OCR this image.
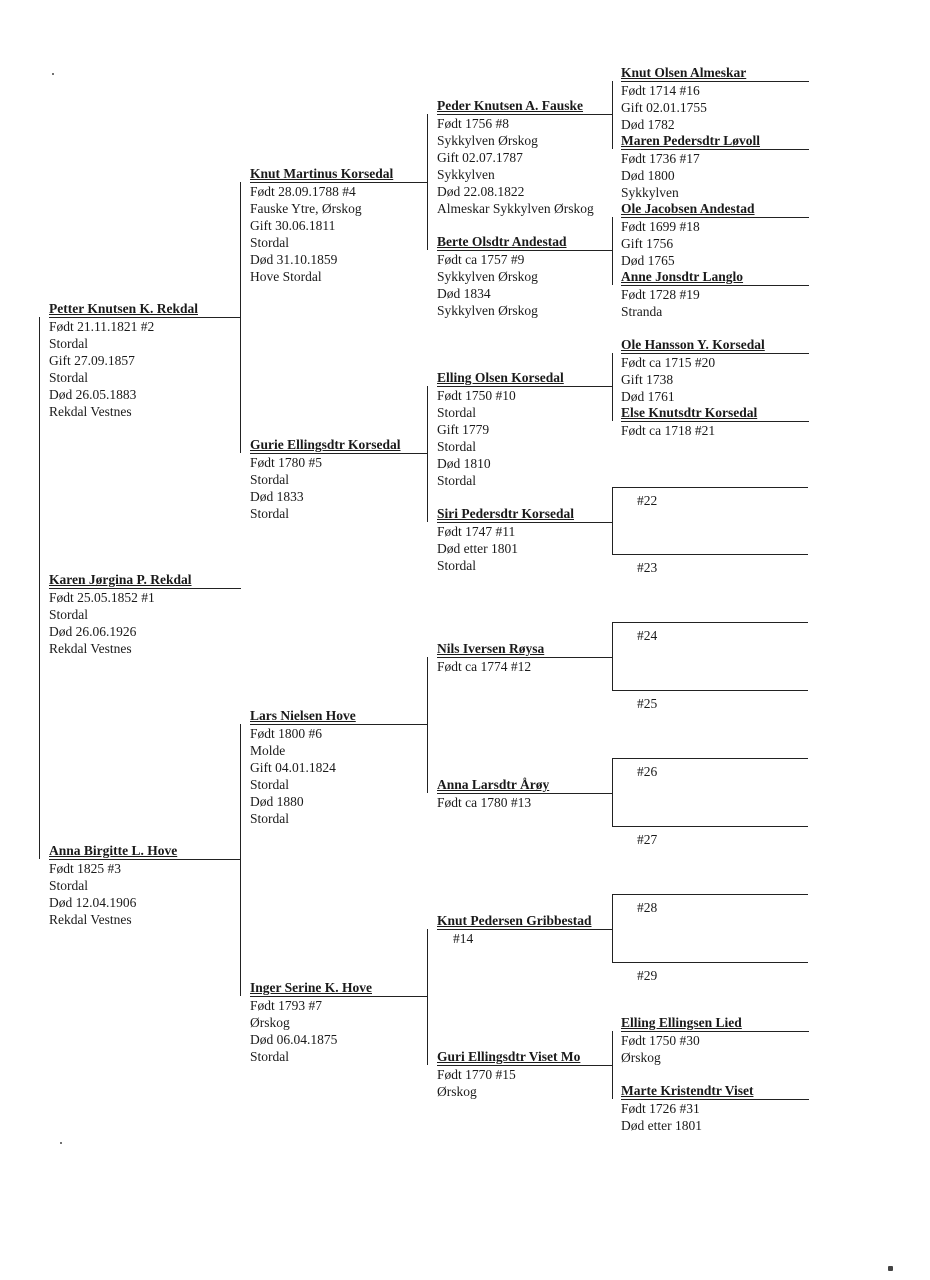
Knut Olsen Almeskar
Født 1714 #16
Gift 02.01.1755
Død 1782
Maren Pedersdtr Løvoll
Født 1736 #17
Død 1800
Sykkylven
Ole Jacobsen Andestad
Født 1699 #18
Gift 1756
Død 1765
Anne Jonsdtr Langlo
Født 1728 #19
Stranda
Ole Hansson Y. Korsedal
Født ca 1715 #20
Gift 1738
Død 1761
Else Knutsdtr Korsedal
Født ca 1718 #21
#22
#23
#24
#25
#26
#27
#28
#29
Elling Ellingsen Lied
Født 1750 #30
Ørskog
Marte Kristendtr Viset
Født 1726 #31
Død etter 1801
Peder Knutsen A. Fauske
Født 1756 #8
Sykkylven Ørskog
Gift 02.07.1787
Sykkylven
Død 22.08.1822
Almeskar Sykkylven Ørskog
Berte Olsdtr Andestad
Født ca 1757 #9
Sykkylven Ørskog
Død 1834
Sykkylven Ørskog
Elling Olsen Korsedal
Født 1750 #10
Stordal
Gift 1779
Stordal
Død 1810
Stordal
Siri Pedersdtr Korsedal
Født 1747 #11
Død etter 1801
Stordal
Nils Iversen Røysa
Født ca 1774 #12
Anna Larsdtr Årøy
Født ca 1780 #13
Knut Pedersen Gribbestad
#14
Guri Ellingsdtr Viset Mo
Født 1770 #15
Ørskog
Knut Martinus Korsedal
Født 28.09.1788 #4
Fauske Ytre, Ørskog
Gift 30.06.1811
Stordal
Død 31.10.1859
Hove Stordal
Gurie Ellingsdtr Korsedal
Født 1780 #5
Stordal
Død 1833
Stordal
Lars Nielsen Hove
Født 1800 #6
Molde
Gift 04.01.1824
Stordal
Død 1880
Stordal
Inger Serine K. Hove
Født 1793 #7
Ørskog
Død 06.04.1875
Stordal
Petter Knutsen K. Rekdal
Født 21.11.1821 #2
Stordal
Gift 27.09.1857
Stordal
Død 26.05.1883
Rekdal Vestnes
Anna Birgitte L. Hove
Født 1825 #3
Stordal
Død 12.04.1906
Rekdal Vestnes
Karen Jørgina P. Rekdal
Født 25.05.1852 #1
Stordal
Død 26.06.1926
Rekdal Vestnes
